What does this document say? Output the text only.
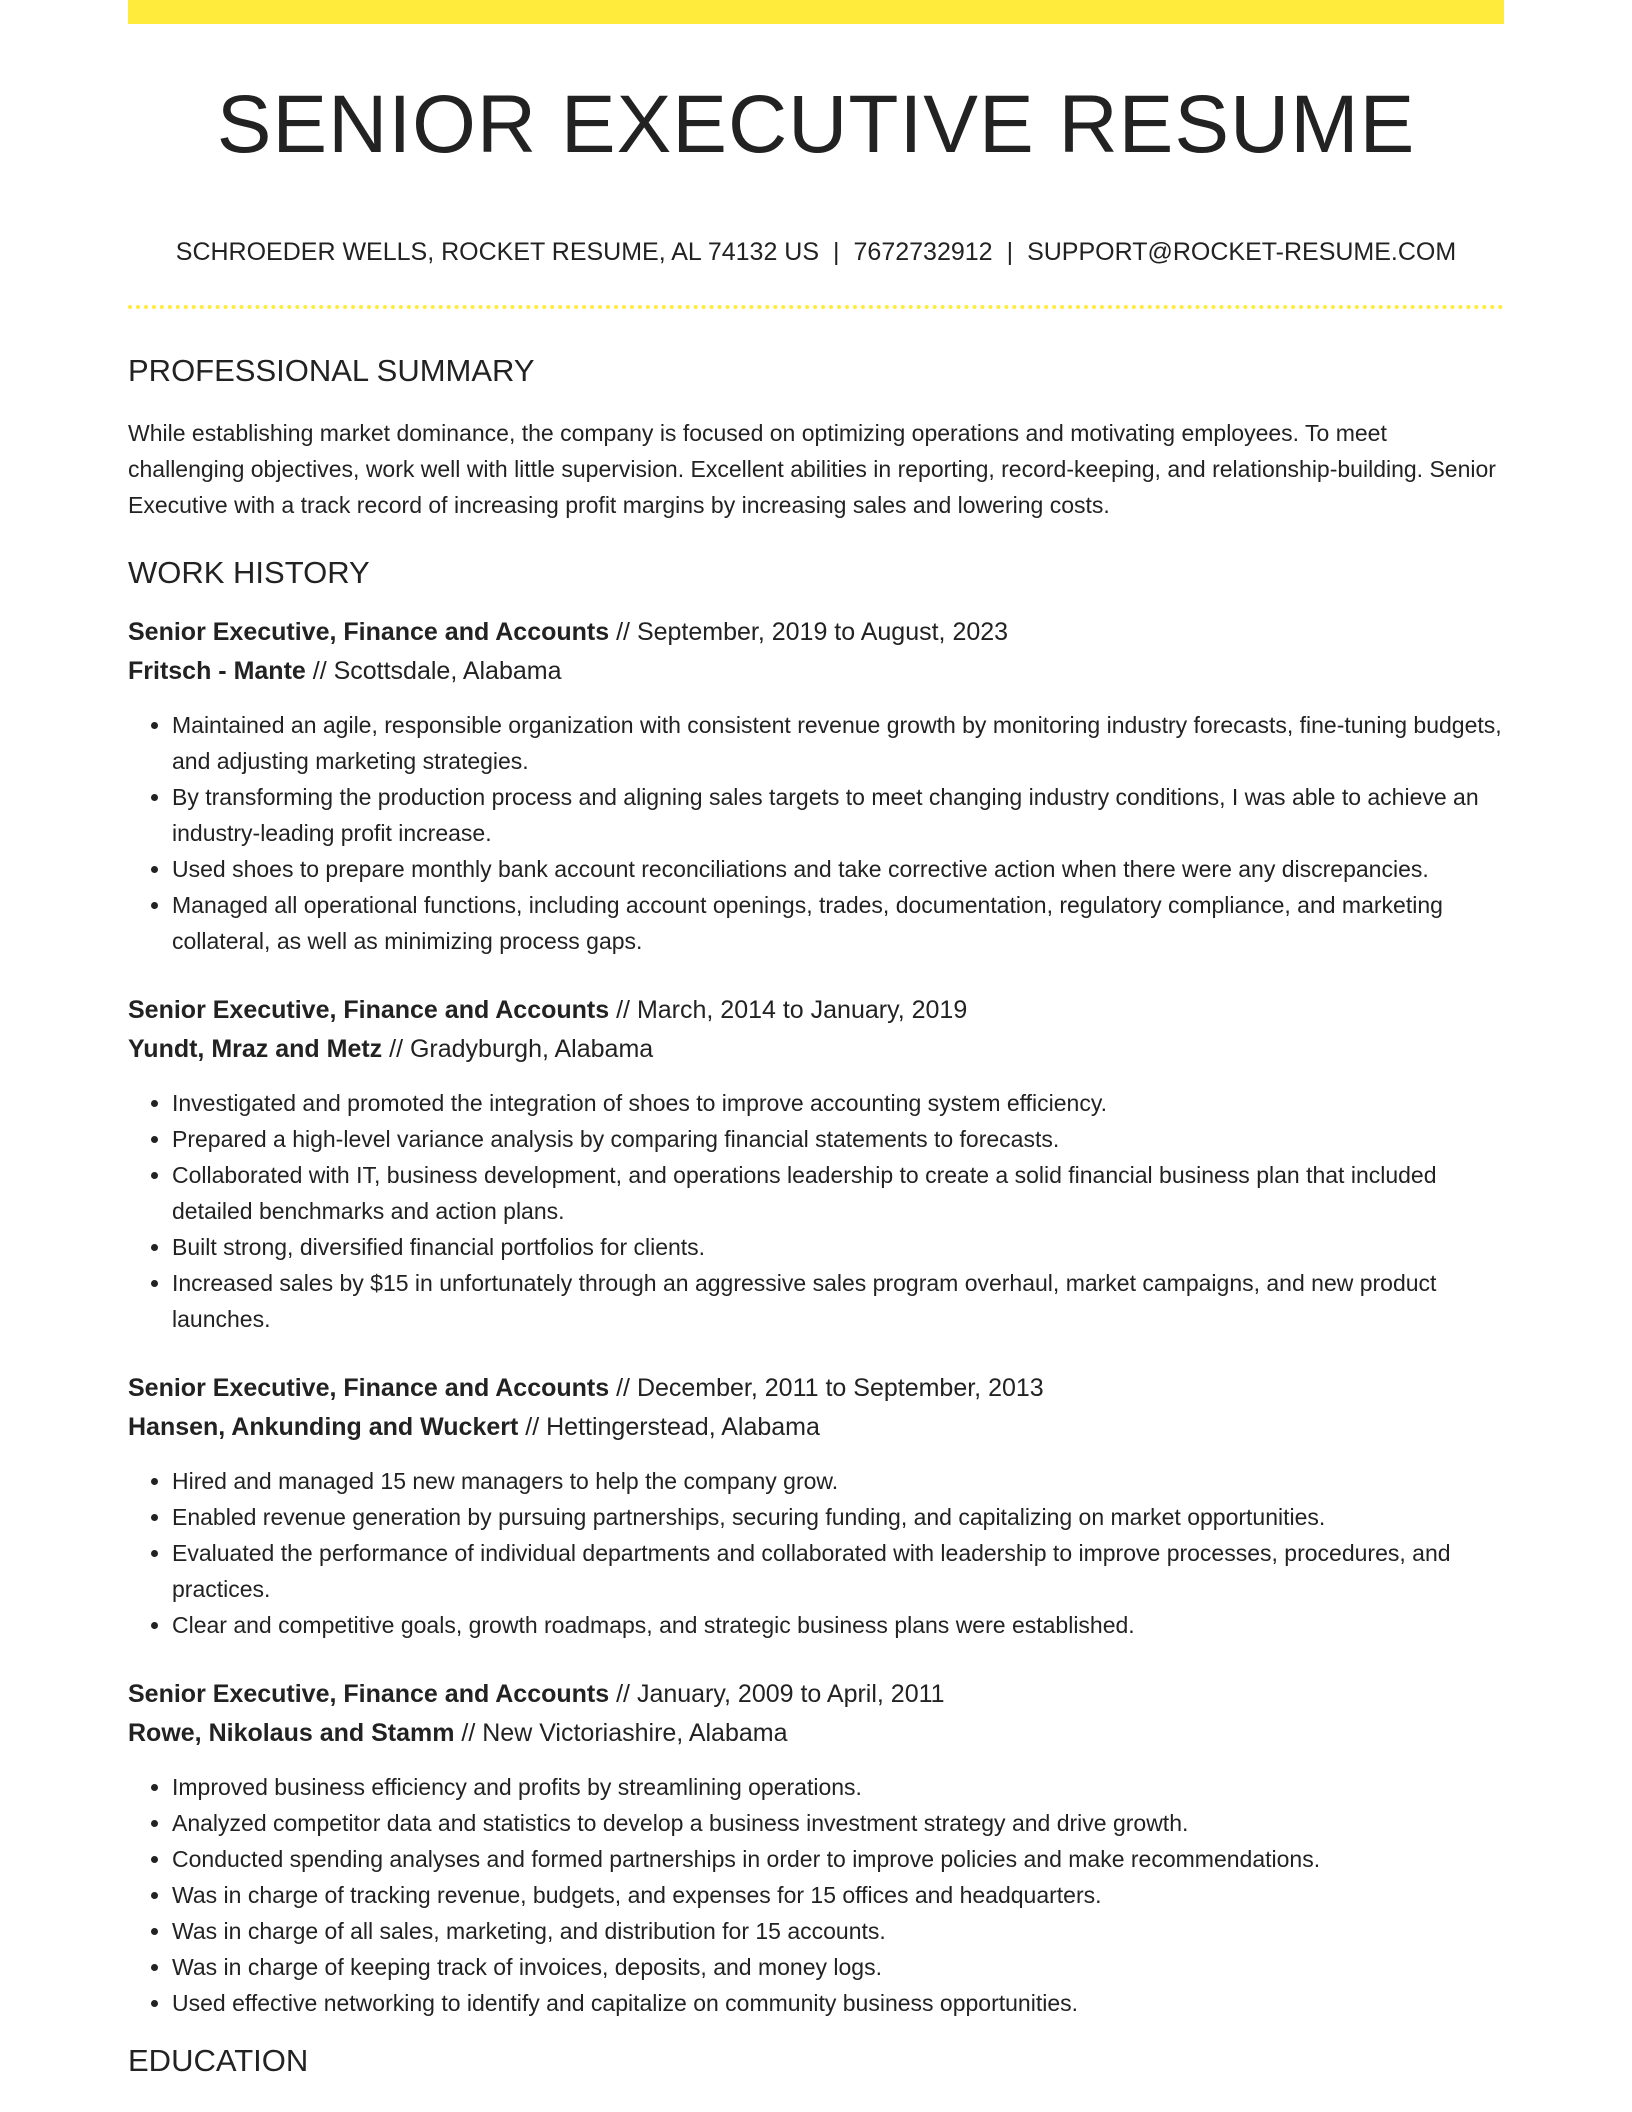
SENIOR EXECUTIVE RESUME
SCHROEDER WELLS, ROCKET RESUME, AL 74132 US | 7672732912 | SUPPORT@ROCKET-RESUME.COM
PROFESSIONAL SUMMARY

While establishing market dominance, the company is focused on optimizing operations and motivating employees. To meet challenging objectives, work well with little supervision. Excellent abilities in reporting, record-keeping, and relationship-building. Senior Executive with a track record of increasing profit margins by increasing sales and lowering costs.

WORK HISTORY
Senior Executive, Finance and Accounts // September, 2019 to August, 2023
Fritsch - Mante // Scottsdale, Alabama
• Maintained an agile, responsible organization with consistent revenue growth by monitoring industry forecasts, fine-tuning budgets, and adjusting marketing strategies.
• By transforming the production process and aligning sales targets to meet changing industry conditions, I was able to achieve an industry-leading profit increase.
• Used shoes to prepare monthly bank account reconciliations and take corrective action when there were any discrepancies.
• Managed all operational functions, including account openings, trades, documentation, regulatory compliance, and marketing collateral, as well as minimizing process gaps.
Senior Executive, Finance and Accounts // March, 2014 to January, 2019
Yundt, Mraz and Metz // Gradyburgh, Alabama
• Investigated and promoted the integration of shoes to improve accounting system efficiency.
• Prepared a high-level variance analysis by comparing financial statements to forecasts.
• Collaborated with IT, business development, and operations leadership to create a solid financial business plan that included detailed benchmarks and action plans.
• Built strong, diversified financial portfolios for clients.
• Increased sales by $15 in unfortunately through an aggressive sales program overhaul, market campaigns, and new product launches.
Senior Executive, Finance and Accounts // December, 2011 to September, 2013
Hansen, Ankunding and Wuckert // Hettingerstead, Alabama
• Hired and managed 15 new managers to help the company grow.
• Enabled revenue generation by pursuing partnerships, securing funding, and capitalizing on market opportunities.
• Evaluated the performance of individual departments and collaborated with leadership to improve processes, procedures, and practices.
• Clear and competitive goals, growth roadmaps, and strategic business plans were established.
Senior Executive, Finance and Accounts // January, 2009 to April, 2011
Rowe, Nikolaus and Stamm // New Victoriashire, Alabama
• Improved business efficiency and profits by streamlining operations.
• Analyzed competitor data and statistics to develop a business investment strategy and drive growth.
• Conducted spending analyses and formed partnerships in order to improve policies and make recommendations.
• Was in charge of tracking revenue, budgets, and expenses for 15 offices and headquarters.
• Was in charge of all sales, marketing, and distribution for 15 accounts.
• Was in charge of keeping track of invoices, deposits, and money logs.
• Used effective networking to identify and capitalize on community business opportunities.
EDUCATION
